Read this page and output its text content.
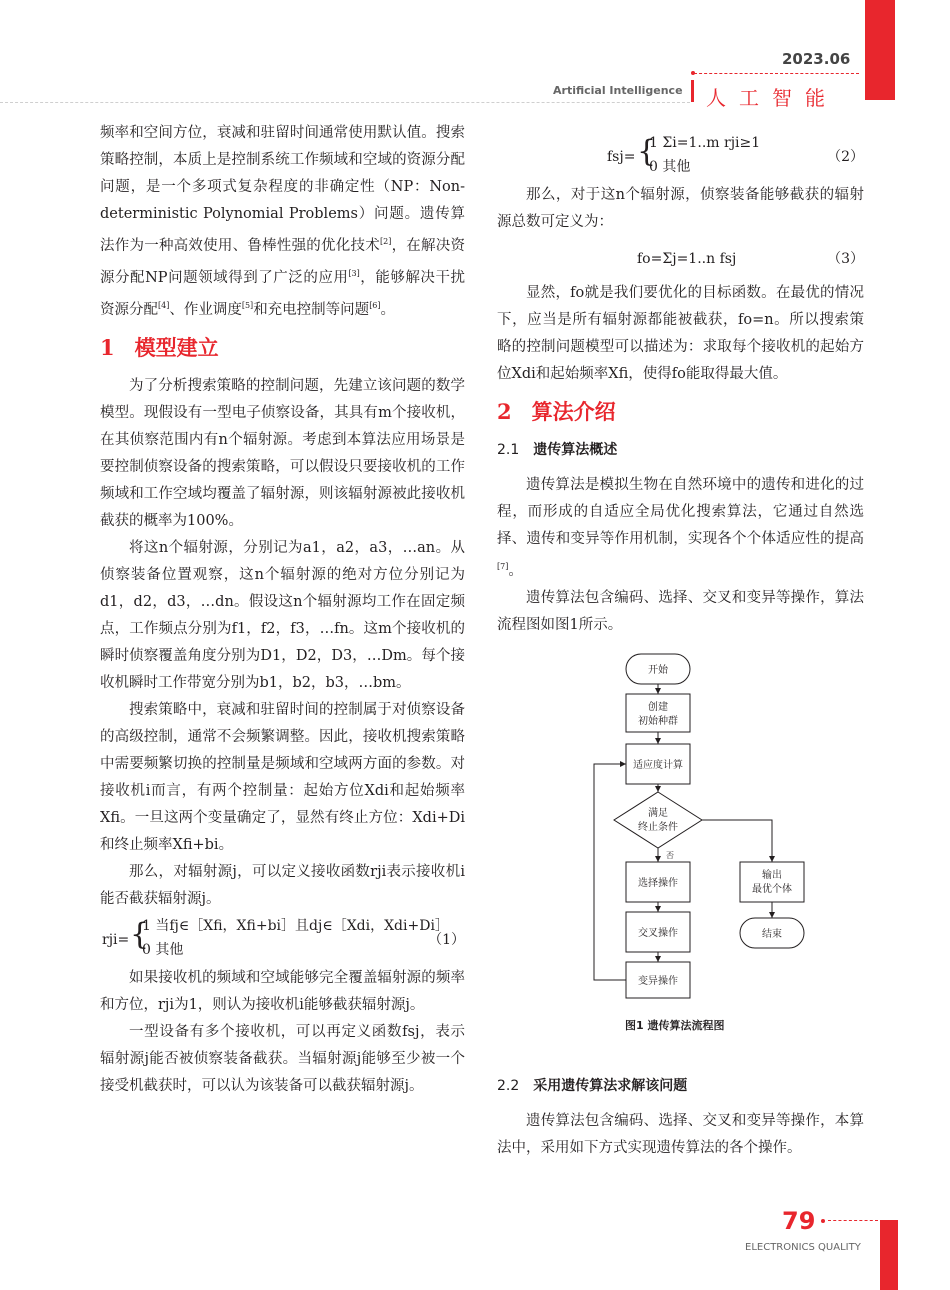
2023.06
Artificial Intelligence 人工智能

频率和空间方位，衰减和驻留时间通常使用默认值。搜索策略控制，本质上是控制系统工作频域和空域的资源分配问题，是一个多项式复杂程度的非确定性（NP：Non-deterministic Polynomial Problems）问题。遗传算法作为一种高效使用、鲁棒性强的优化技术[2]，在解决资源分配NP问题领域得到了广泛的应用[3]，能够解决干扰资源分配[4]、作业调度[5]和充电控制等问题[6]。

1 模型建立

为了分析搜索策略的控制问题，先建立该问题的数学模型。现假设有一型电子侦察设备，其具有m个接收机，在其侦察范围内有n个辐射源。考虑到本算法应用场景是要控制侦察设备的搜索策略，可以假设只要接收机的工作频域和工作空域均覆盖了辐射源，则该辐射源被此接收机截获的概率为100%。

将这n个辐射源，分别记为a1，a2，a3，…an。从侦察装备位置观察，这n个辐射源的绝对方位分别记为d1，d2，d3，…dn。假设这n个辐射源均工作在固定频点，工作频点分别为f1，f2，f3，…fn。这m个接收机的瞬时侦察覆盖角度分别为D1，D2，D3，…Dm。每个接收机瞬时工作带宽分别为b1，b2，b3，…bm。

搜索策略中，衰减和驻留时间的控制属于对侦察设备的高级控制，通常不会频繁调整。因此，接收机搜索策略中需要频繁切换的控制量是频域和空域两方面的参数。对接收机i而言，有两个控制量：起始方位Xdi和起始频率Xfi。一旦这两个变量确定了，显然有终止方位：Xdi+Di和终止频率Xfi+bi。

那么，对辐射源j，可以定义接收函数rji表示接收机i能否截获辐射源j。

rji= {
1 当fj∈［Xfi，Xfi+bi］且dj∈［Xdi，Xdi+Di］
0 其他
（1）

如果接收机的频域和空域能够完全覆盖辐射源的频率和方位，rji为1，则认为接收机i能够截获辐射源j。

一型设备有多个接收机，可以再定义函数fsj，表示辐射源j能否被侦察装备截获。当辐射源j能够至少被一个接受机截获时，可以认为该装备可以截获辐射源j。

fsj= {
1 Σi=1..m rji≥1
0 其他
（2）

那么，对于这n个辐射源，侦察装备能够截获的辐射源总数可定义为：

fo=Σj=1..n fsj	（3）

显然，fo就是我们要优化的目标函数。在最优的情况下，应当是所有辐射源都能被截获，fo=n。所以搜索策略的控制问题模型可以描述为：求取每个接收机的起始方位Xdi和起始频率Xfi，使得fo能取得最大值。

2 算法介绍
2.1 遗传算法概述

遗传算法是模拟生物在自然环境中的遗传和进化的过程，而形成的自适应全局优化搜索算法，它通过自然选择、遗传和变异等作用机制，实现各个个体适应性的提高[7]。

遗传算法包含编码、选择、交叉和变异等操作，算法流程图如图1所示。

开始
创建
初始种群
适应度计算
满足
终止条件
否
选择操作
交叉操作
变异操作
输出
最优个体
结束
图1 遗传算法流程图
2.2 采用遗传算法求解该问题

遗传算法包含编码、选择、交叉和变异等操作，本算法中，采用如下方式实现遗传算法的各个操作。

79
ELECTRONICS QUALITY
